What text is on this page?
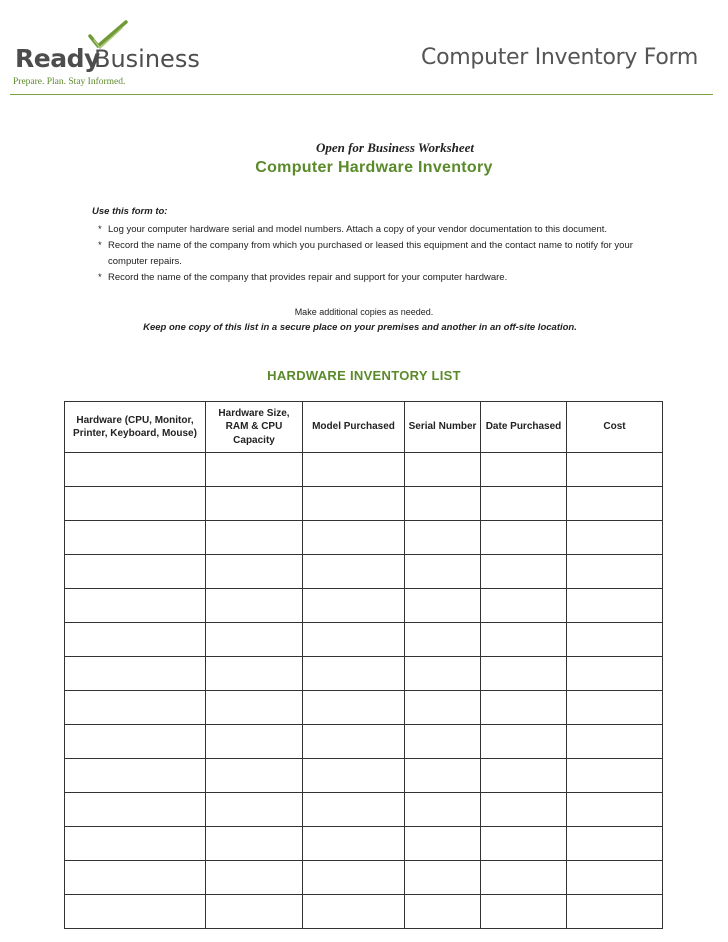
Ready
Business
Prepare. Plan. Stay Informed.
Computer Inventory Form
Open for Business Worksheet
Computer Hardware Inventory
Use this form to:
* Log your computer hardware serial and model numbers. Attach a copy of your vendor documentation to this document.
* Record the name of the company from which you purchased or leased this equipment and the contact name to notify for your computer repairs.
* Record the name of the company that provides repair and support for your computer hardware.
Make additional copies as needed.
Keep one copy of this list in a secure place on your premises and another in an off-site location.
HARDWARE INVENTORY LIST
Hardware (CPU, Monitor, Printer, Keyboard, Mouse)	Hardware Size, RAM & CPU Capacity	Model Purchased	Serial Number	Date Purchased	Cost
